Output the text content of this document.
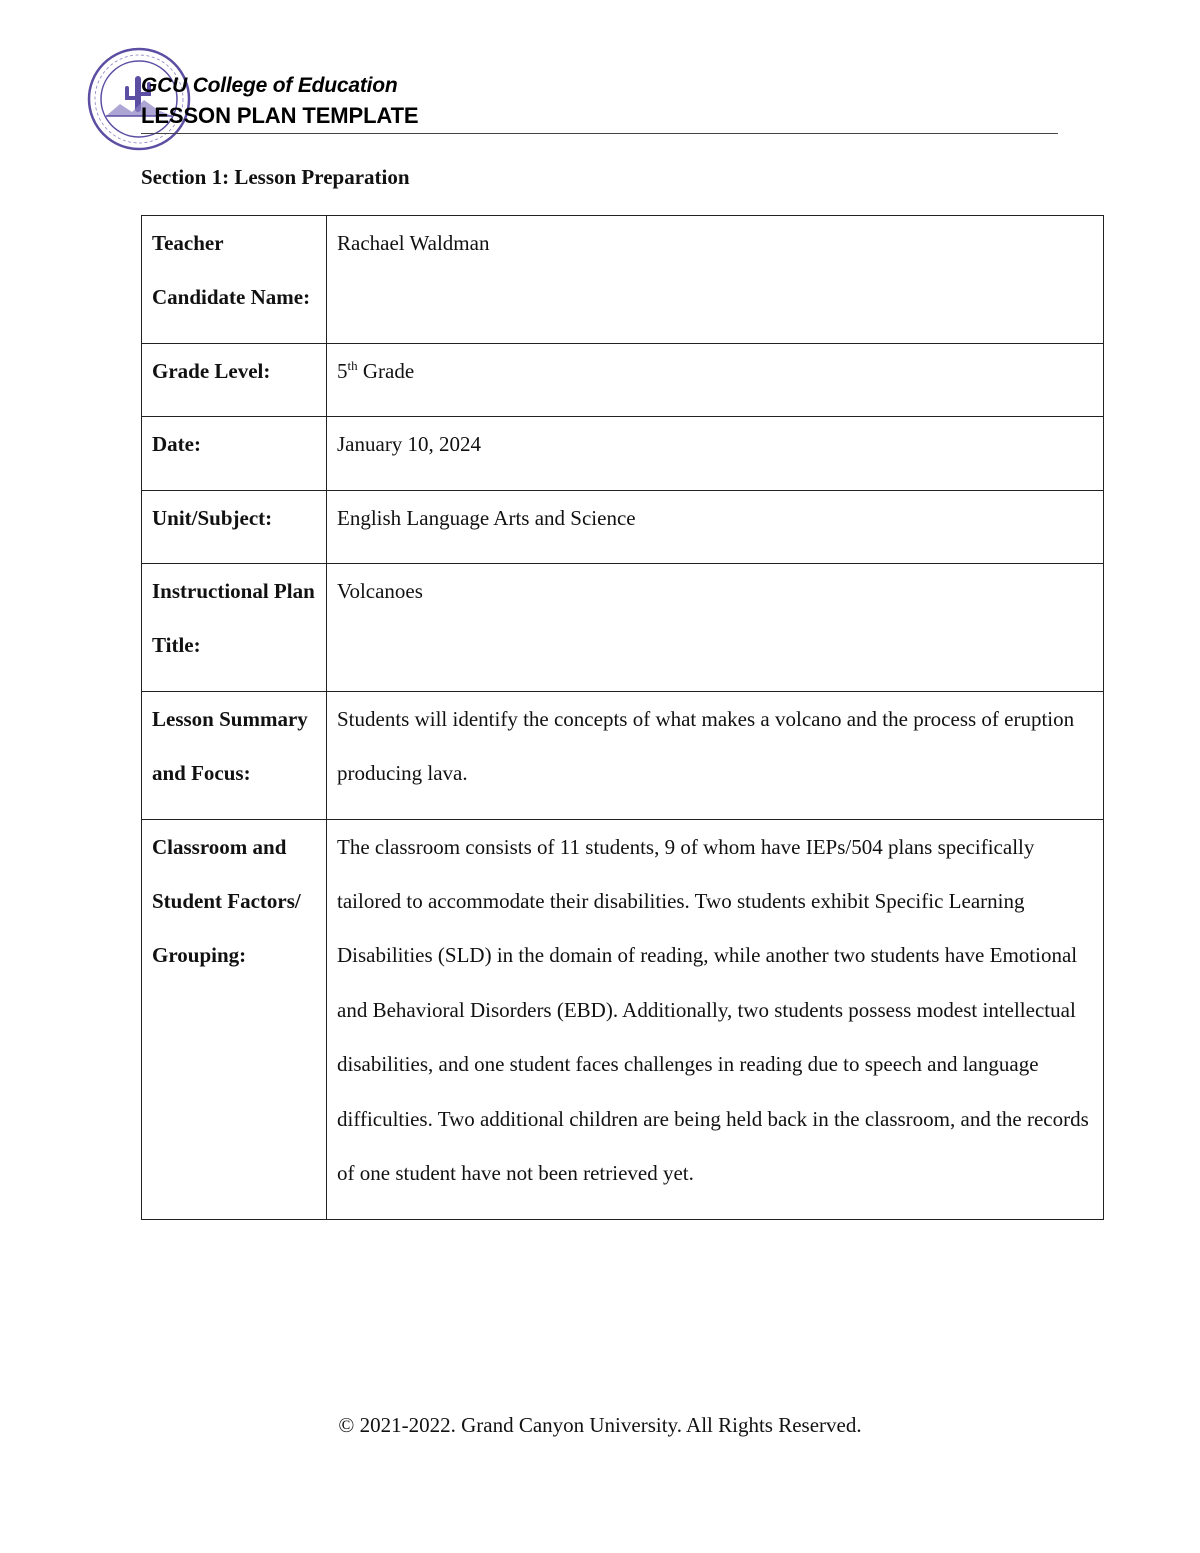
GCU College of Education
LESSON PLAN TEMPLATE
Section 1: Lesson Preparation
Teacher Candidate Name:	Rachael Waldman
Grade Level:	5th Grade
Date:	January 10, 2024
Unit/Subject:	English Language Arts and Science
Instructional Plan Title:	Volcanoes
Lesson Summary and Focus:	Students will identify the concepts of what makes a volcano and the process of eruption producing lava.
Classroom and Student Factors/ Grouping:	The classroom consists of 11 students, 9 of whom have IEPs/504 plans specifically tailored to accommodate their disabilities. Two students exhibit Specific Learning Disabilities (SLD) in the domain of reading, while another two students have Emotional and Behavioral Disorders (EBD). Additionally, two students possess modest intellectual disabilities, and one student faces challenges in reading due to speech and language difficulties. Two additional children are being held back in the classroom, and the records of one student have not been retrieved yet.
© 2021-2022. Grand Canyon University. All Rights Reserved.
